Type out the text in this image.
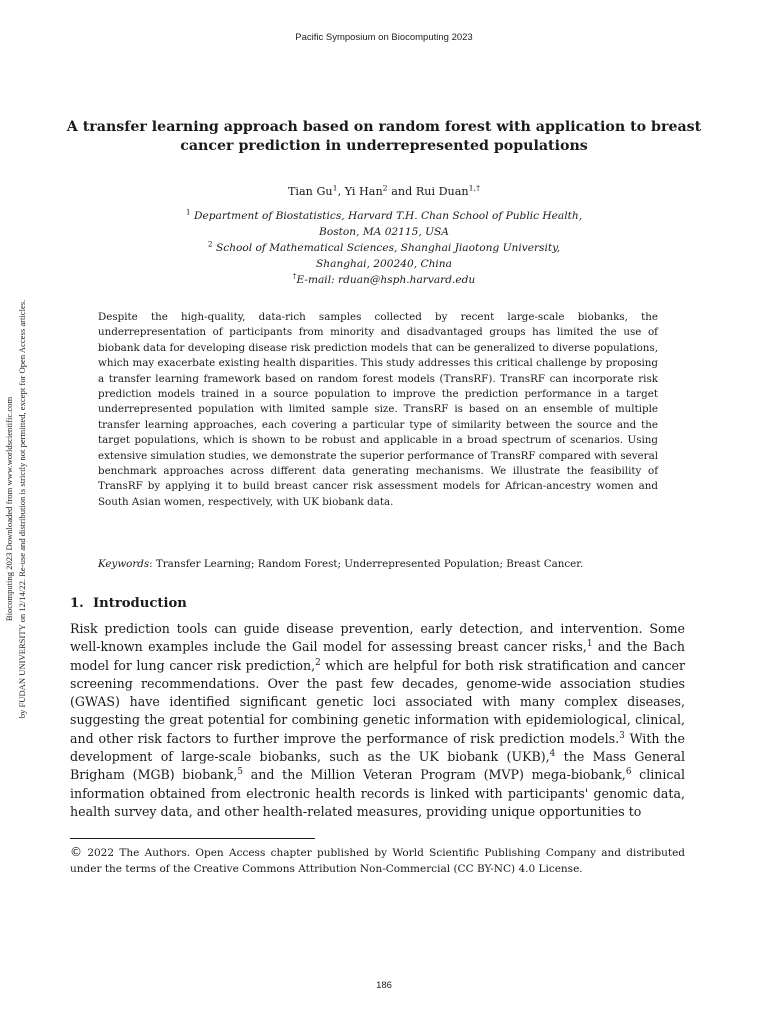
Pacific Symposium on Biocomputing 2023
A transfer learning approach based on random forest with application to breast
cancer prediction in underrepresented populations
Tian Gu$^1$, Yi Han$^2$ and Rui Duan$^{1,\dagger}$
$^1$ Department of Biostatistics, Harvard T.H. Chan School of Public Health,
Boston, MA 02115, USA
$^2$ School of Mathematical Sciences, Shanghai Jiaotong University,
Shanghai, 200240, China
†E-mail: rduan@hsph.harvard.edu
Biocomputing 2023 Downloaded from www.worldscientific.com by FUDAN UNIVERSITY on 12/14/22. Re-use and distribution is strictly not permitted, except for Open Access articles.	Despite the high-quality, data-rich samples collected by recent large-scale biobanks, the underrepresentation of participants from minority and disadvantaged groups has limited the use of biobank data for developing disease risk prediction models that can be generalized to diverse populations, which may exacerbate existing health disparities. This study addresses this critical challenge by proposing a transfer learning framework based on random forest models (TransRF). TransRF can incorporate risk prediction models trained in a source population to improve the prediction performance in a target underrepresented population with limited sample size. TransRF is based on an ensemble of multiple transfer learning approaches, each covering a particular type of similarity between the source and the target populations, which is shown to be robust and applicable in a broad spectrum of scenarios. Using extensive simulation studies, we demonstrate the superior performance of TransRF compared with several benchmark approaches across different data generating mechanisms. We illustrate the feasibility of TransRF by applying it to build breast cancer risk assessment models for African-ancestry women and South Asian women, respectively, with UK biobank data.
Keywords: Transfer Learning; Random Forest; Underrepresented Population; Breast Cancer.
1. Introduction
Risk prediction tools can guide disease prevention, early detection, and intervention. Some well-known examples include the Gail model for assessing breast cancer risks,$^1$ and the Bach model for lung cancer risk prediction,$^2$ which are helpful for both risk stratification and cancer screening recommendations. Over the past few decades, genome-wide association studies (GWAS) have identified significant genetic loci associated with many complex diseases, suggesting the great potential for combining genetic information with epidemiological, clinical, and other risk factors to further improve the performance of risk prediction models.$^3$ With the development of large-scale biobanks, such as the UK biobank (UKB),$^4$ the Mass General Brigham (MGB) biobank,$^5$ and the Million Veteran Program (MVP) mega-biobank,$^6$ clinical information obtained from electronic health records is linked with participants' genomic data, health survey data, and other health-related measures, providing unique opportunities to
© 2022 The Authors. Open Access chapter published by World Scientific Publishing Company and distributed under the terms of the Creative Commons Attribution Non-Commercial (CC BY-NC) 4.0 License.
186
